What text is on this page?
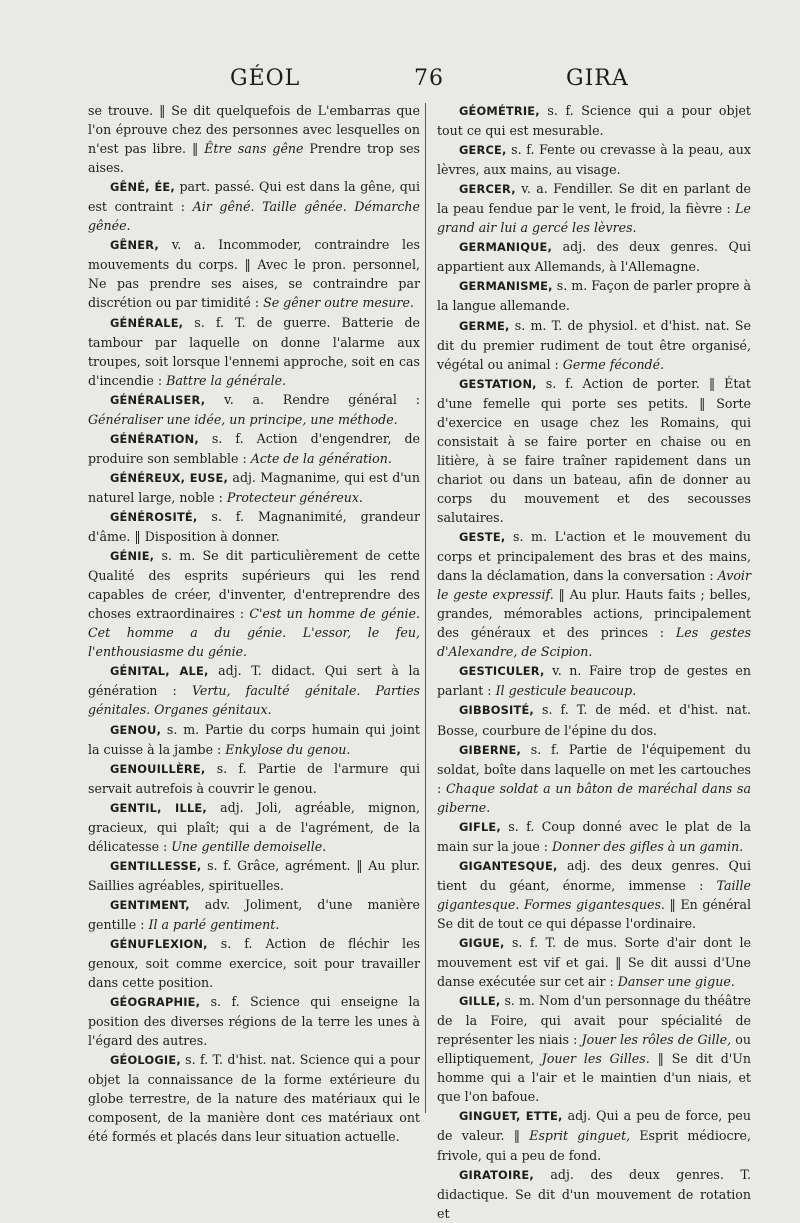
GÉOL	76	GIRA

se trouve. ‖ Se dit quelquefois de L'embarras que l'on éprouve chez des personnes avec lesquelles on n'est pas libre. ‖ Être sans gêne Prendre trop ses aises.

GÊNÉ, ÉE, part. passé. Qui est dans la gêne, qui est contraint : Air gêné. Taille gênée. Démarche gênée.

GÊNER, v. a. Incommoder, contraindre les mouvements du corps. ‖ Avec le pron. personnel, Ne pas prendre ses aises, se contraindre par discrétion ou par timidité : Se gêner outre mesure.

GÉNÉRALE, s. f. T. de guerre. Batterie de tambour par laquelle on donne l'alarme aux troupes, soit lorsque l'ennemi approche, soit en cas d'incendie : Battre la générale.

GÉNÉRALISER, v. a. Rendre général : Généraliser une idée, un principe, une méthode.

GÉNÉRATION, s. f. Action d'engendrer, de produire son semblable : Acte de la génération.

GÉNÉREUX, EUSE, adj. Magnanime, qui est d'un naturel large, noble : Protecteur généreux.

GÉNÉROSITÉ, s. f. Magnanimité, grandeur d'âme. ‖ Disposition à donner.

GÉNIE, s. m. Se dit particulièrement de cette Qualité des esprits supérieurs qui les rend capables de créer, d'inventer, d'entreprendre des choses extraordinaires : C'est un homme de génie. Cet homme a du génie. L'essor, le feu, l'enthousiasme du génie.

GÉNITAL, ALE, adj. T. didact. Qui sert à la génération : Vertu, faculté génitale. Parties génitales. Organes génitaux.

GENOU, s. m. Partie du corps humain qui joint la cuisse à la jambe : Enkylose du genou.

GENOUILLÈRE, s. f. Partie de l'armure qui servait autrefois à couvrir le genou.

GENTIL, ILLE, adj. Joli, agréable, mignon, gracieux, qui plaît; qui a de l'agrément, de la délicatesse : Une gentille demoiselle.

GENTILLESSE, s. f. Grâce, agrément. ‖ Au plur. Saillies agréables, spirituelles.

GENTIMENT, adv. Joliment, d'une manière gentille : Il a parlé gentiment.

GÉNUFLEXION, s. f. Action de fléchir les genoux, soit comme exercice, soit pour travailler dans cette position.

GÉOGRAPHIE, s. f. Science qui enseigne la position des diverses régions de la terre les unes à l'égard des autres.

GÉOLOGIE, s. f. T. d'hist. nat. Science qui a pour objet la connaissance de la forme extérieure du globe terrestre, de la nature des matériaux qui le composent, de la manière dont ces matériaux ont été formés et placés dans leur situation actuelle.

GÉOMÉTRIE, s. f. Science qui a pour objet tout ce qui est mesurable.

GERCE, s. f. Fente ou crevasse à la peau, aux lèvres, aux mains, au visage.

GERCER, v. a. Fendiller. Se dit en parlant de la peau fendue par le vent, le froid, la fièvre : Le grand air lui a gercé les lèvres.

GERMANIQUE, adj. des deux genres. Qui appartient aux Allemands, à l'Allemagne.

GERMANISME, s. m. Façon de parler propre à la langue allemande.

GERME, s. m. T. de physiol. et d'hist. nat. Se dit du premier rudiment de tout être organisé, végétal ou animal : Germe fécondé.

GESTATION, s. f. Action de porter. ‖ État d'une femelle qui porte ses petits. ‖ Sorte d'exercice en usage chez les Romains, qui consistait à se faire porter en chaise ou en litière, à se faire traîner rapidement dans un chariot ou dans un bateau, afin de donner au corps du mouvement et des secousses salutaires.

GESTE, s. m. L'action et le mouvement du corps et principalement des bras et des mains, dans la déclamation, dans la conversation : Avoir le geste expressif. ‖ Au plur. Hauts faits ; belles, grandes, mémorables actions, principalement des généraux et des princes : Les gestes d'Alexandre, de Scipion.

GESTICULER, v. n. Faire trop de gestes en parlant : Il gesticule beaucoup.

GIBBOSITÉ, s. f. T. de méd. et d'hist. nat. Bosse, courbure de l'épine du dos.

GIBERNE, s. f. Partie de l'équipement du soldat, boîte dans laquelle on met les cartouches : Chaque soldat a un bâton de maréchal dans sa giberne.

GIFLE, s. f. Coup donné avec le plat de la main sur la joue : Donner des gifles à un gamin.

GIGANTESQUE, adj. des deux genres. Qui tient du géant, énorme, immense : Taille gigantesque. Formes gigantesques. ‖ En général Se dit de tout ce qui dépasse l'ordinaire.

GIGUE, s. f. T. de mus. Sorte d'air dont le mouvement est vif et gai. ‖ Se dit aussi d'Une danse exécutée sur cet air : Danser une gigue.

GILLE, s. m. Nom d'un personnage du théâtre de la Foire, qui avait pour spécialité de représenter les niais : Jouer les rôles de Gille, ou elliptiquement, Jouer les Gilles. ‖ Se dit d'Un homme qui a l'air et le maintien d'un niais, et que l'on bafoue.

GINGUET, ETTE, adj. Qui a peu de force, peu de valeur. ‖ Esprit ginguet, Esprit médiocre, frivole, qui a peu de fond.

GIRATOIRE, adj. des deux genres. T. didactique. Se dit d'un mouvement de rotation et
